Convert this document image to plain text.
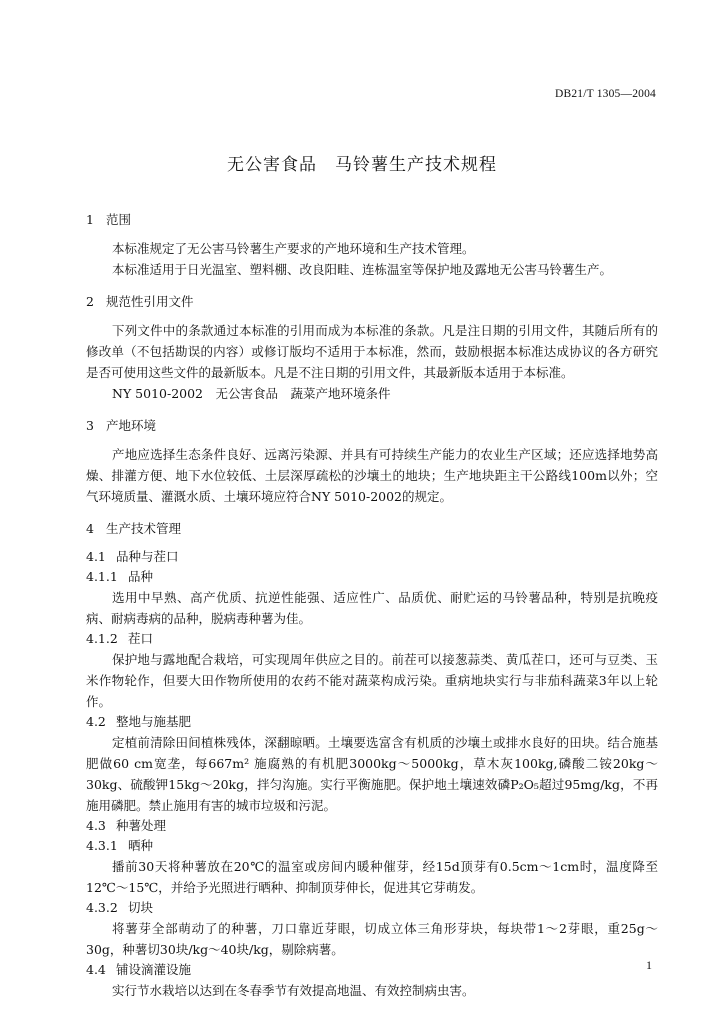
DB21/T 1305—2004
无公害食品　马铃薯生产技术规程
1 范围

本标准规定了无公害马铃薯生产要求的产地环境和生产技术管理。

本标准适用于日光温室、塑料棚、改良阳畦、连栋温室等保护地及露地无公害马铃薯生产。

2 规范性引用文件

下列文件中的条款通过本标准的引用而成为本标准的条款。凡是注日期的引用文件，其随后所有的修改单（不包括勘误的内容）或修订版均不适用于本标准，然而，鼓励根据本标准达成协议的各方研究是否可使用这些文件的最新版本。凡是不注日期的引用文件，其最新版本适用于本标准。

NY 5010-2002　无公害食品　蔬菜产地环境条件

3 产地环境

产地应选择生态条件良好、远离污染源、并具有可持续生产能力的农业生产区域；还应选择地势高燥、排灌方便、地下水位较低、土层深厚疏松的沙壤土的地块；生产地块距主干公路线100m以外；空气环境质量、灌溉水质、土壤环境应符合NY 5010-2002的规定。

4 生产技术管理
4.1 品种与茬口
4.1.1 品种

选用中早熟、高产优质、抗逆性能强、适应性广、品质优、耐贮运的马铃薯品种，特别是抗晚疫病、耐病毒病的品种，脱病毒种薯为佳。

4.1.2 茬口

保护地与露地配合栽培，可实现周年供应之目的。前茬可以接葱蒜类、黄瓜茬口，还可与豆类、玉米作物轮作，但要大田作物所使用的农药不能对蔬菜构成污染。重病地块实行与非茄科蔬菜3年以上轮作。

4.2 整地与施基肥

定植前清除田间植株残体，深翻晾晒。土壤要选富含有机质的沙壤土或排水良好的田块。结合施基肥做60 cm宽垄，每667m² 施腐熟的有机肥3000kg～5000kg，草木灰100kg,磷酸二铵20kg～30kg、硫酸钾15kg～20kg，拌匀沟施。实行平衡施肥。保护地土壤速效磷P₂O₅超过95mg/kg，不再施用磷肥。禁止施用有害的城市垃圾和污泥。

4.3 种薯处理
4.3.1 晒种

播前30天将种薯放在20℃的温室或房间内暖种催芽，经15d顶芽有0.5cm～1cm时，温度降至12℃～15℃，并给予光照进行晒种、抑制顶芽伸长，促进其它芽萌发。

4.3.2 切块

将薯芽全部萌动了的种薯，刀口靠近芽眼，切成立体三角形芽块，每块带1～2芽眼，重25g～30g，种薯切30块/kg～40块/kg，剔除病薯。

4.4 铺设滴灌设施

实行节水栽培以达到在冬春季节有效提高地温、有效控制病虫害。

1
